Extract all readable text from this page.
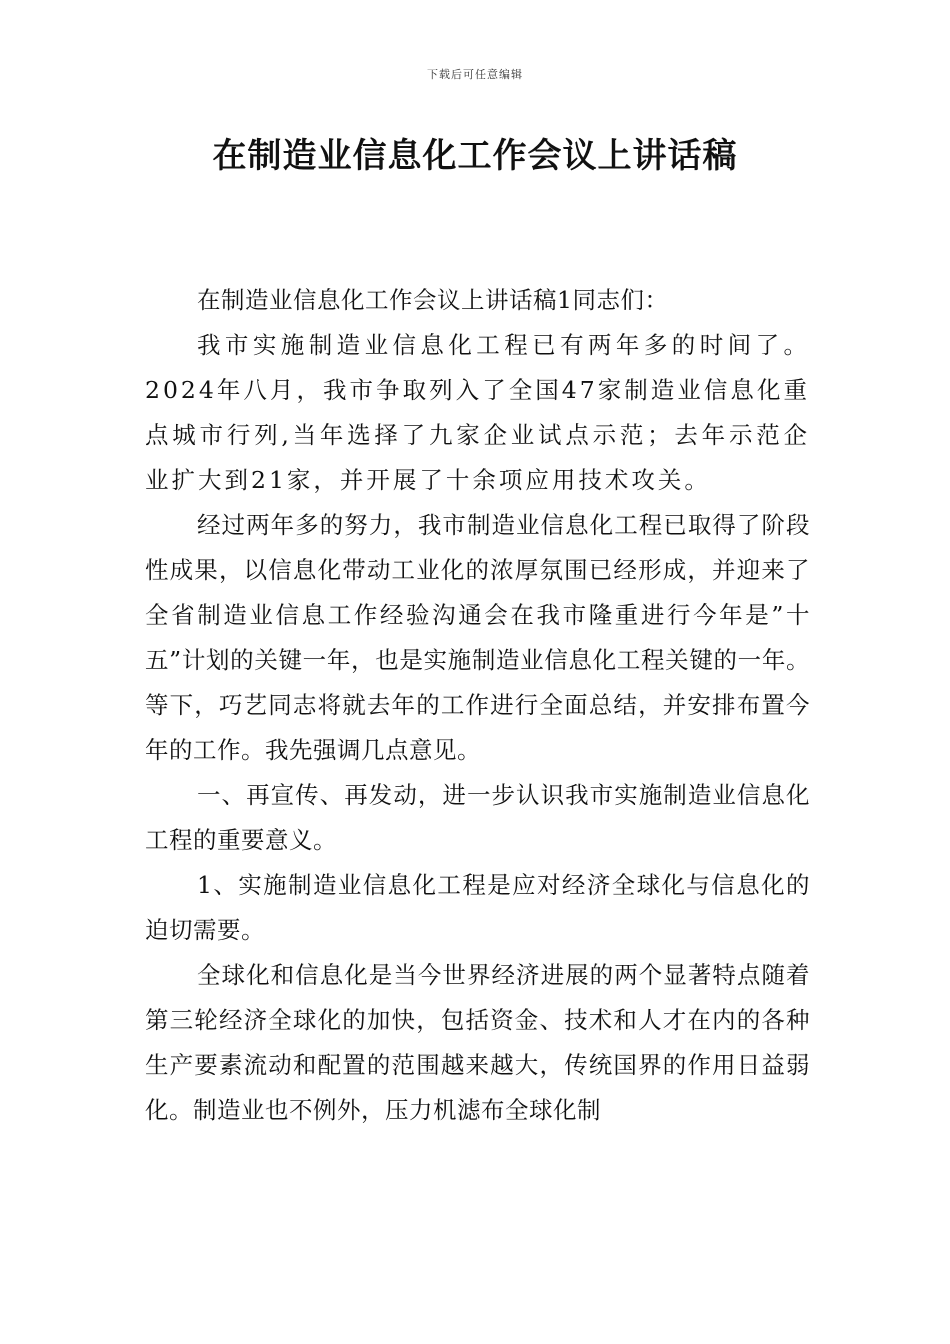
下载后可任意编辑
在制造业信息化工作会议上讲话稿

在制造业信息化工作会议上讲话稿1同志们：

我市实施制造业信息化工程已有两年多的时间了。2024年八月，我市争取列入了全国47家制造业信息化重点城市行列,当年选择了九家企业试点示范；去年示范企业扩大到21家，并开展了十余项应用技术攻关。

经过两年多的努力，我市制造业信息化工程已取得了阶段性成果，以信息化带动工业化的浓厚氛围已经形成，并迎来了全省制造业信息工作经验沟通会在我市隆重进行今年是”十五”计划的关键一年，也是实施制造业信息化工程关键的一年。等下，巧艺同志将就去年的工作进行全面总结，并安排布置今年的工作。我先强调几点意见。

一、再宣传、再发动，进一步认识我市实施制造业信息化工程的重要意义。

1、实施制造业信息化工程是应对经济全球化与信息化的迫切需要。

全球化和信息化是当今世界经济进展的两个显著特点随着第三轮经济全球化的加快，包括资金、技术和人才在内的各种生产要素流动和配置的范围越来越大，传统国界的作用日益弱化。制造业也不例外，压力机滤布全球化制
